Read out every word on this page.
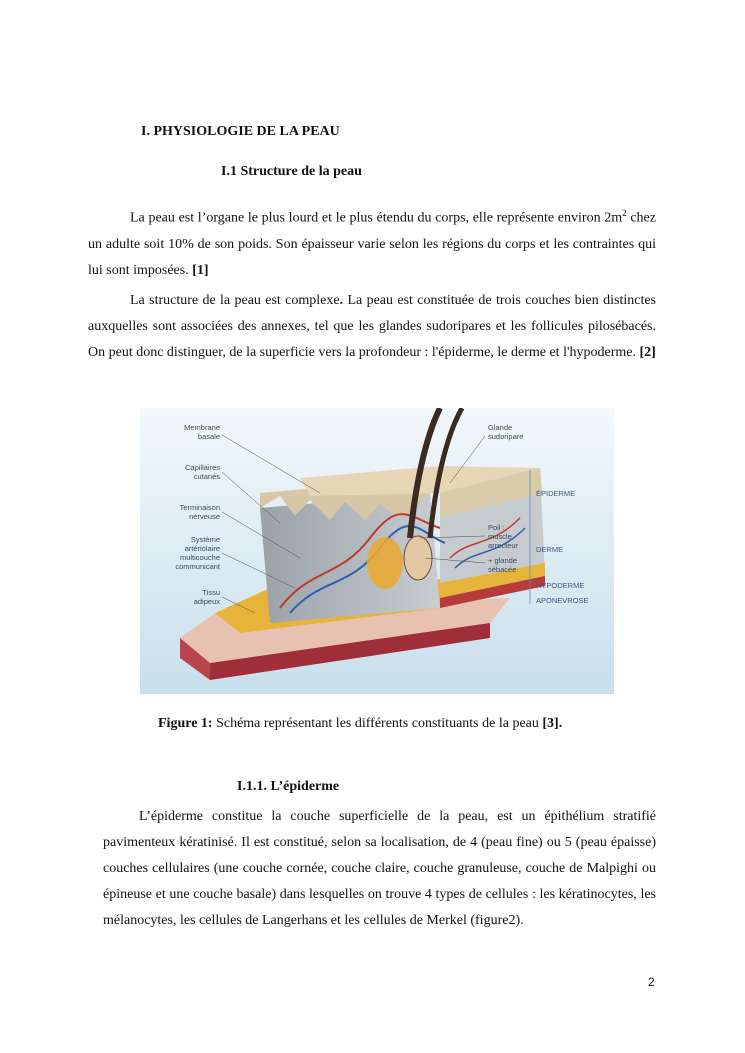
I. PHYSIOLOGIE DE LA PEAU
I.1 Structure de la peau

La peau est l’organe le plus lourd et le plus étendu du corps, elle représente environ $2m^2$ chez un adulte soit 10% de son poids. Son épaisseur varie selon les régions du corps et les contraintes qui lui sont imposées. [1]

La structure de la peau est complexe. La peau est constituée de trois couches bien distinctes auxquelles sont associées des annexes, tel que les glandes sudoripares et les follicules pilosébacés. On peut donc distinguer, de la superficie vers la profondeur : l'épiderme, le derme et l'hypoderme. [2]

Membrane
basale
Capillaires
cutanés
Terminaison
nerveuse
Système
artériolaire
multicouche
communicant
Tissu
adipeux
Glande
sudoripare
Poil :
muscle
arrecteur
+ glande
sébacée
ÉPIDERME
DERME
HYPODERME
APONEVROSE
Figure 1: Schéma représentant les différents constituants de la peau [3].
I.1.1. L’épiderme

L’épiderme constitue la couche superficielle de la peau, est un épithélium stratifié pavimenteux kératinisé. Il est constitué, selon sa localisation, de 4 (peau fine) ou 5 (peau épaisse) couches cellulaires (une couche cornée, couche claire, couche granuleuse, couche de Malpighi ou épineuse et une couche basale) dans lesquelles on trouve 4 types de cellules : les kératinocytes, les mélanocytes, les cellules de Langerhans et les cellules de Merkel (figure2).

2
